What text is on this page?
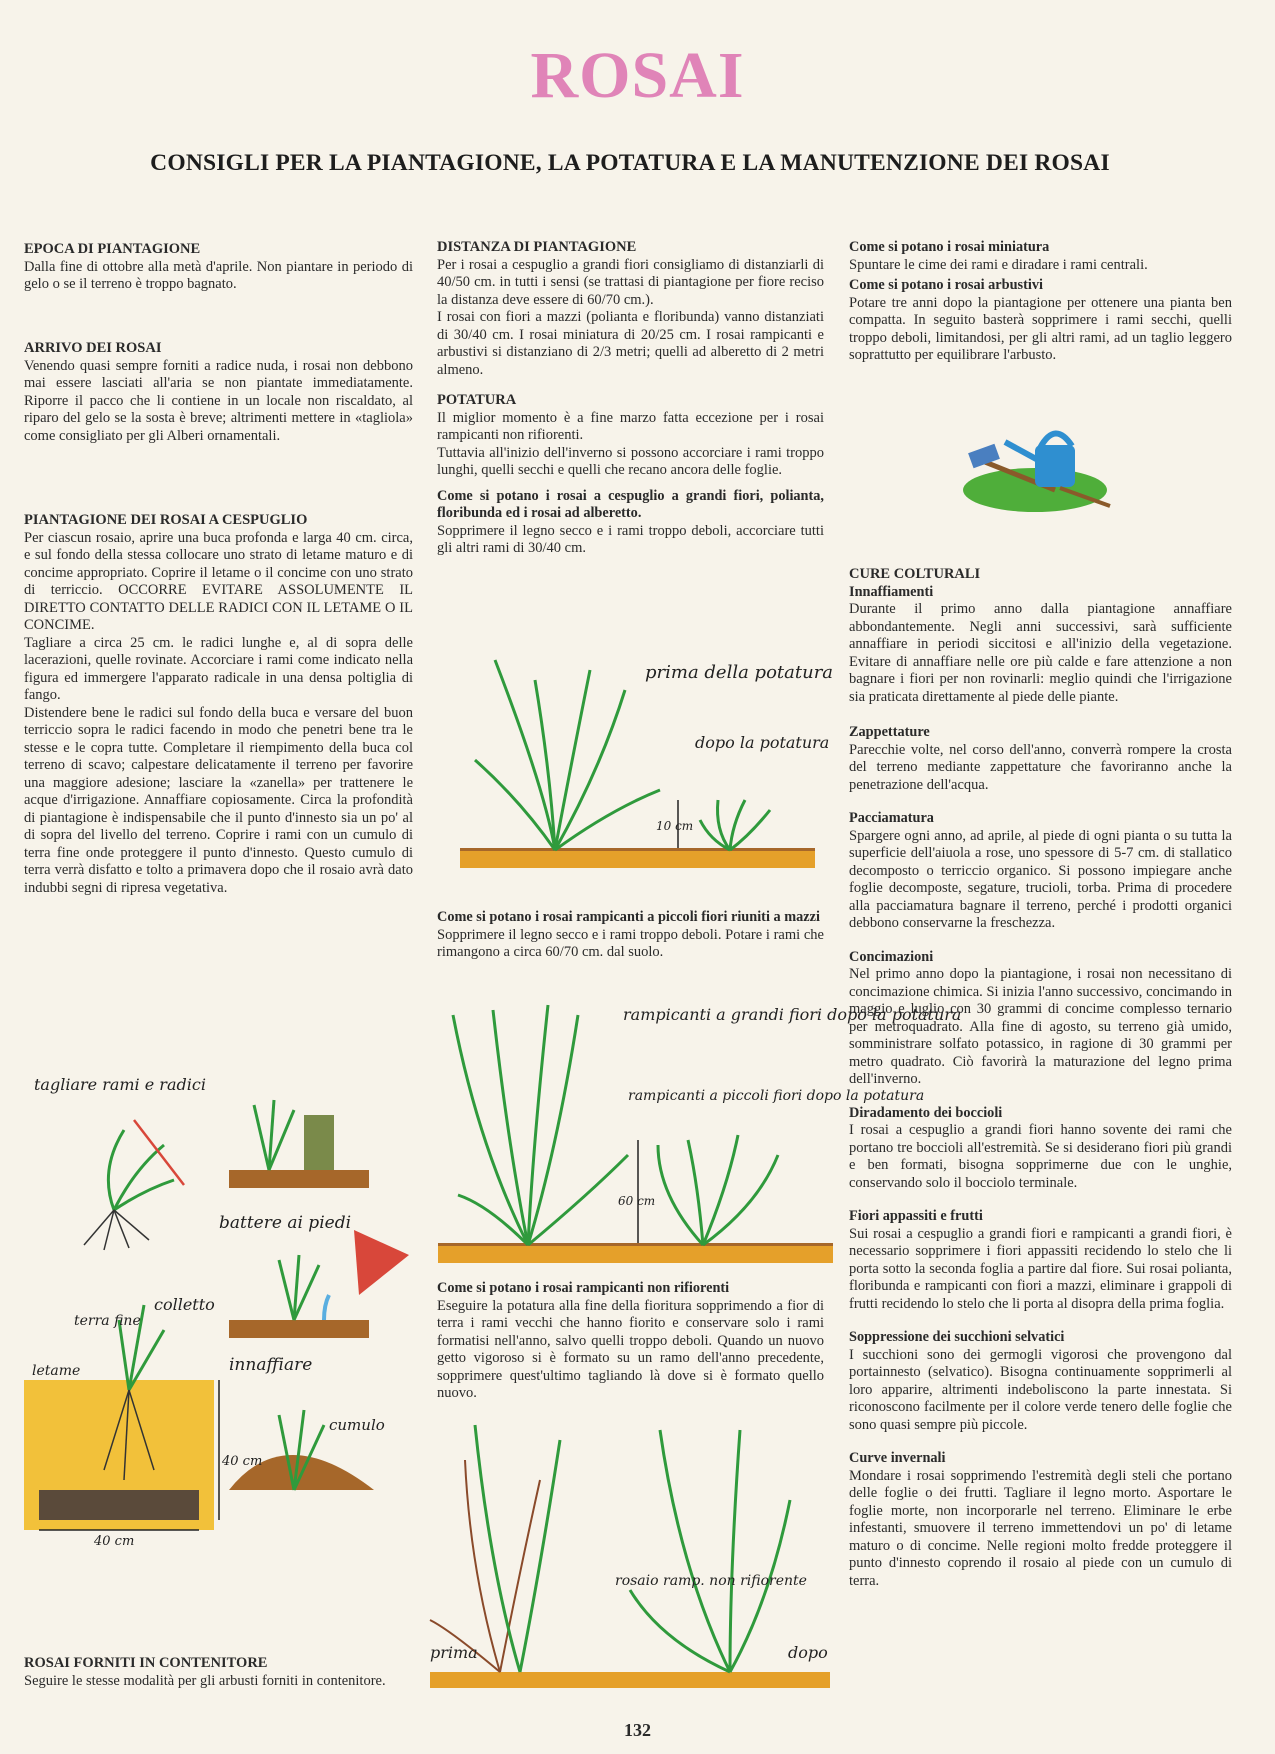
ROSAI
CONSIGLI PER LA PIANTAGIONE, LA POTATURA E LA MANUTENZIONE DEI ROSAI

EPOCA DI PIANTAGIONE

Dalla fine di ottobre alla metà d'aprile. Non piantare in periodo di gelo o se il terreno è troppo bagnato.

ARRIVO DEI ROSAI

Venendo quasi sempre forniti a radice nuda, i rosai non debbono mai essere lasciati all'aria se non piantate immediatamente. Riporre il pacco che li contiene in un locale non riscaldato, al riparo del gelo se la sosta è breve; altrimenti mettere in «tagliola» come consigliato per gli Alberi ornamentali.

PIANTAGIONE DEI ROSAI A CESPUGLIO

Per ciascun rosaio, aprire una buca profonda e larga 40 cm. circa, e sul fondo della stessa collocare uno strato di letame maturo e di concime appropriato. Coprire il letame o il concime con uno strato di terriccio. OCCORRE EVITARE ASSOLUMENTE IL DIRETTO CONTATTO DELLE RADICI CON IL LETAME O IL CONCIME.

Tagliare a circa 25 cm. le radici lunghe e, al di sopra delle lacerazioni, quelle rovinate. Accorciare i rami come indicato nella figura ed immergere l'apparato radicale in una densa poltiglia di fango.

Distendere bene le radici sul fondo della buca e versare del buon terriccio sopra le radici facendo in modo che penetri bene tra le stesse e le copra tutte. Completare il riempimento della buca col terreno di scavo; calpestare delicatamente il terreno per favorire una maggiore adesione; lasciare la «zanella» per trattenere le acque d'irrigazione. Annaffiare copiosamente. Circa la profondità di piantagione è indispensabile che il punto d'innesto sia un po' al di sopra del livello del terreno. Coprire i rami con un cumulo di terra fine onde proteggere il punto d'innesto. Questo cumulo di terra verrà disfatto e tolto a primavera dopo che il rosaio avrà dato indubbi segni di ripresa vegetativa.

ROSAI FORNITI IN CONTENITORE

Seguire le stesse modalità per gli arbusti forniti in contenitore.

DISTANZA DI PIANTAGIONE

Per i rosai a cespuglio a grandi fiori consigliamo di distanziarli di 40/50 cm. in tutti i sensi (se trattasi di piantagione per fiore reciso la distanza deve essere di 60/70 cm.).

I rosai con fiori a mazzi (polianta e floribunda) vanno distanziati di 30/40 cm. I rosai miniatura di 20/25 cm. I rosai rampicanti e arbustivi si distanziano di 2/3 metri; quelli ad alberetto di 2 metri almeno.

POTATURA

Il miglior momento è a fine marzo fatta eccezione per i rosai rampicanti non rifiorenti.

Tuttavia all'inizio dell'inverno si possono accorciare i rami troppo lunghi, quelli secchi e quelli che recano ancora delle foglie.

Come si potano i rosai a cespuglio a grandi fiori, polianta, floribunda ed i rosai ad alberetto.

Sopprimere il legno secco e i rami troppo deboli, accorciare tutti gli altri rami di 30/40 cm.

Come si potano i rosai rampicanti a piccoli fiori riuniti a mazzi

Sopprimere il legno secco e i rami troppo deboli. Potare i rami che rimangono a circa 60/70 cm. dal suolo.

Come si potano i rosai rampicanti non rifiorenti

Eseguire la potatura alla fine della fioritura sopprimendo a fior di terra i rami vecchi che hanno fiorito e conservare solo i rami formatisi nell'anno, salvo quelli troppo deboli. Quando un nuovo getto vigoroso si è formato su un ramo dell'anno precedente, sopprimere quest'ultimo tagliando là dove si è formato quello nuovo.

Come si potano i rosai miniatura

Spuntare le cime dei rami e diradare i rami centrali.

Come si potano i rosai arbustivi

Potare tre anni dopo la piantagione per ottenere una pianta ben compatta. In seguito basterà sopprimere i rami secchi, quelli troppo deboli, limitandosi, per gli altri rami, ad un taglio leggero soprattutto per equilibrare l'arbusto.

CURE COLTURALI

Innaffiamenti

Durante il primo anno dalla piantagione annaffiare abbondantemente. Negli anni successivi, sarà sufficiente annaffiare in periodi siccitosi e all'inizio della vegetazione. Evitare di annaffiare nelle ore più calde e fare attenzione a non bagnare i fiori per non rovinarli: meglio quindi che l'irrigazione sia praticata direttamente al piede delle piante.

Zappettature

Parecchie volte, nel corso dell'anno, converrà rompere la crosta del terreno mediante zappettature che favoriranno anche la penetrazione dell'acqua.

Pacciamatura

Spargere ogni anno, ad aprile, al piede di ogni pianta o su tutta la superficie dell'aiuola a rose, uno spessore di 5-7 cm. di stallatico decomposto o terriccio organico. Si possono impiegare anche foglie decomposte, segature, trucioli, torba. Prima di procedere alla pacciamatura bagnare il terreno, perché i prodotti organici debbono conservarne la freschezza.

Concimazioni

Nel primo anno dopo la piantagione, i rosai non necessitano di concimazione chimica. Si inizia l'anno successivo, concimando in maggio e luglio con 30 grammi di concime complesso ternario per metroquadrato. Alla fine di agosto, su terreno già umido, somministrare solfato potassico, in ragione di 30 grammi per metro quadrato. Ciò favorirà la maturazione del legno prima dell'inverno.

Diradamento dei boccioli

I rosai a cespuglio a grandi fiori hanno sovente dei rami che portano tre boccioli all'estremità. Se si desiderano fiori più grandi e ben formati, bisogna sopprimerne due con le unghie, conservando solo il bocciolo terminale.

Fiori appassiti e frutti

Sui rosai a cespuglio a grandi fiori e rampicanti a grandi fiori, è necessario sopprimere i fiori appassiti recidendo lo stelo che li porta sotto la seconda foglia a partire dal fiore. Sui rosai polianta, floribunda e rampicanti con fiori a mazzi, eliminare i grappoli di frutti recidendo lo stelo che li porta al disopra della prima foglia.

Soppressione dei succhioni selvatici

I succhioni sono dei germogli vigorosi che provengono dal portainnesto (selvatico). Bisogna continuamente sopprimerli al loro apparire, altrimenti indeboliscono la parte innestata. Si riconoscono facilmente per il colore verde tenero delle foglie che sono quasi sempre più piccole.

Curve invernali

Mondare i rosai sopprimendo l'estremità degli steli che portano delle foglie o dei frutti. Tagliare il legno morto. Asportare le foglie morte, non incorporarle nel terreno. Eliminare le erbe infestanti, smuovere il terreno immettendovi un po' di letame maturo o di concime. Nelle regioni molto fredde proteggere il punto d'innesto coprendo il rosaio al piede con un cumulo di terra.

132
10 cm
prima della potatura
dopo la potatura
60 cm
rampicanti a grandi fiori dopo la potatura
rampicanti a piccoli fiori dopo la potatura
rosaio ramp. non rifiorente
prima	dopo
tagliare rami e radici
battere ai piedi
innaffiare
cumulo
terra fine
colletto
letame
40 cm
40 cm
